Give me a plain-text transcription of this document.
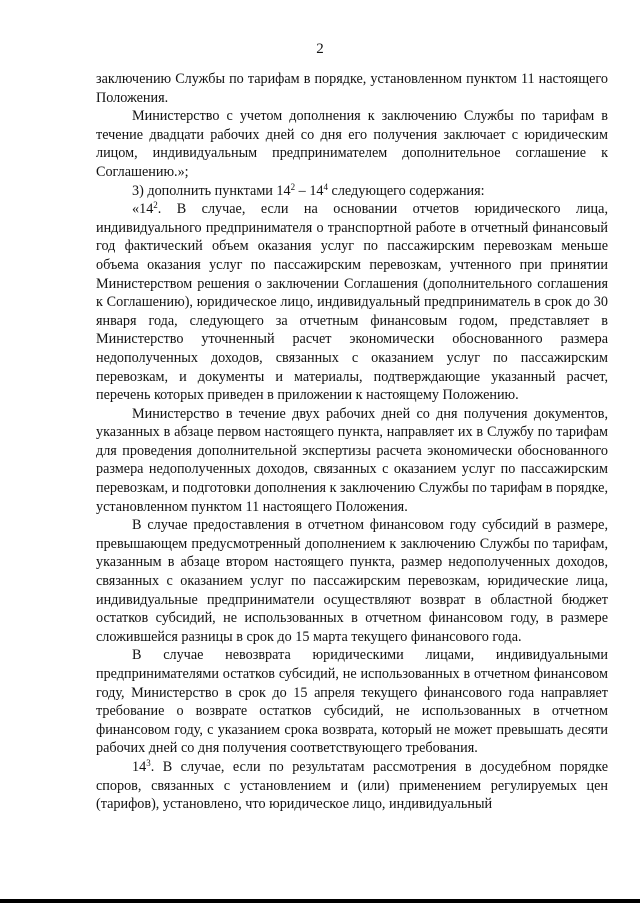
2

заключению Службы по тарифам в порядке, установленном пунктом 11 настоящего Положения.

Министерство с учетом дополнения к заключению Службы по тарифам в течение двадцати рабочих дней со дня его получения заключает с юридическим лицом, индивидуальным предпринимателем дополнительное соглашение к Соглашению.»;

3) дополнить пунктами $14^2 - 14^4$ следующего содержания:

«$14^2$. В случае, если на основании отчетов юридического лица, индивидуального предпринимателя о транспортной работе в отчетный финансовый год фактический объем оказания услуг по пассажирским перевозкам меньше объема оказания услуг по пассажирским перевозкам, учтенного при принятии Министерством решения о заключении Соглашения (дополнительного соглашения к Соглашению), юридическое лицо, индивидуальный предприниматель в срок до 30 января года, следующего за отчетным финансовым годом, представляет в Министерство уточненный расчет экономически обоснованного размера недополученных доходов, связанных с оказанием услуг по пассажирским перевозкам, и документы и материалы, подтверждающие указанный расчет, перечень которых приведен в приложении к настоящему Положению.

Министерство в течение двух рабочих дней со дня получения документов, указанных в абзаце первом настоящего пункта, направляет их в Службу по тарифам для проведения дополнительной экспертизы расчета экономически обоснованного размера недополученных доходов, связанных с оказанием услуг по пассажирским перевозкам, и подготовки дополнения к заключению Службы по тарифам в порядке, установленном пунктом 11 настоящего Положения.

В случае предоставления в отчетном финансовом году субсидий в размере, превышающем предусмотренный дополнением к заключению Службы по тарифам, указанным в абзаце втором настоящего пункта, размер недополученных доходов, связанных с оказанием услуг по пассажирским перевозкам, юридические лица, индивидуальные предприниматели осуществляют возврат в областной бюджет остатков субсидий, не использованных в отчетном финансовом году, в размере сложившейся разницы в срок до 15 марта текущего финансового года.

В случае невозврата юридическими лицами, индивидуальными предпринимателями остатков субсидий, не использованных в отчетном финансовом году, Министерство в срок до 15 апреля текущего финансового года направляет требование о возврате остатков субсидий, не использованных в отчетном финансовом году, с указанием срока возврата, который не может превышать десяти рабочих дней со дня получения соответствующего требования.

$14^3$. В случае, если по результатам рассмотрения в досудебном порядке споров, связанных с установлением и (или) применением регулируемых цен (тарифов), установлено, что юридическое лицо, индивидуальный
